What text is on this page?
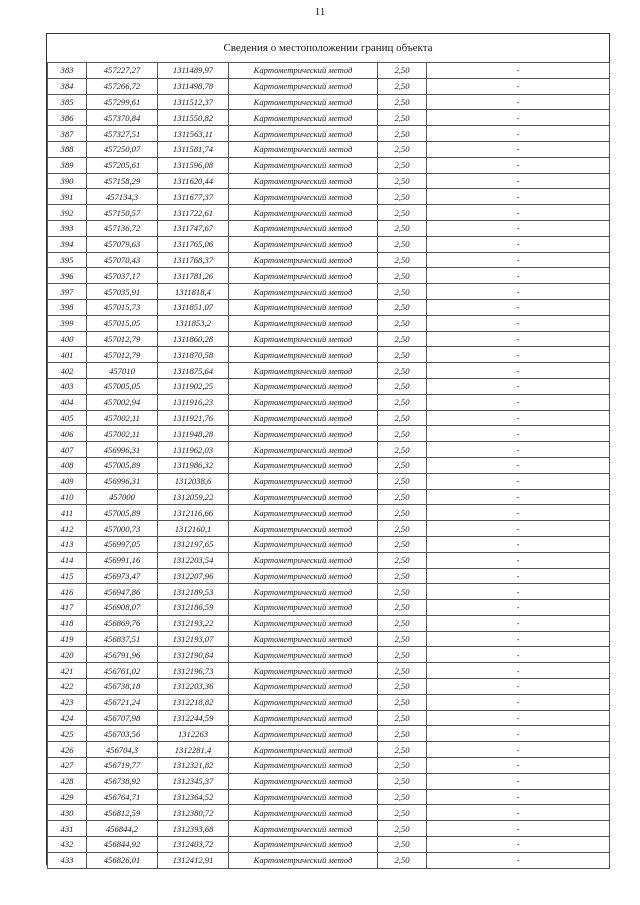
11
Сведения о местоположении границ объекта
383	457227,27	1311489,97	Картометрический метод	2,50	-
384	457266,72	1311498,78	Картометрический метод	2,50	-
385	457299,61	1311512,37	Картометрический метод	2,50	-
386	457370,84	1311550,82	Картометрический метод	2,50	-
387	457327,51	1311563,11	Картометрический метод	2,50	-
388	457250,07	1311581,74	Картометрический метод	2,50	-
389	457205,61	1311596,08	Картометрический метод	2,50	-
390	457158,29	1311620,44	Картометрический метод	2,50	-
391	457134,3	1311677,37	Картометрический метод	2,50	-
392	457150,57	1311722,61	Картометрический метод	2,50	-
393	457136,72	1311747,67	Картометрический метод	2,50	-
394	457079,63	1311765,06	Картометрический метод	2,50	-
395	457070,43	1311768,37	Картометрический метод	2,50	-
396	457037,17	1311781,26	Картометрический метод	2,50	-
397	457035,91	1311818,4	Картометрический метод	2,50	-
398	457015,73	1311851,07	Картометрический метод	2,50	-
399	457015,05	1311853,2	Картометрический метод	2,50	-
400	457012,79	1311860,28	Картометрический метод	2,50	-
401	457012,79	1311870,58	Картометрический метод	2,50	-
402	457010	1311875,64	Картометрический метод	2,50	-
403	457005,05	1311902,25	Картометрический метод	2,50	-
404	457002,94	1311916,23	Картометрический метод	2,50	-
405	457002,11	1311921,76	Картометрический метод	2,50	-
406	457002,11	1311948,28	Картометрический метод	2,50	-
407	456996,31	1311962,03	Картометрический метод	2,50	-
408	457005,89	1311986,32	Картометрический метод	2,50	-
409	456996,31	1312038,6	Картометрический метод	2,50	-
410	457000	1312059,22	Картометрический метод	2,50	-
411	457005,89	1312116,66	Картометрический метод	2,50	-
412	457000,73	1312160,1	Картометрический метод	2,50	-
413	456997,05	1312197,65	Картометрический метод	2,50	-
414	456991,16	1312203,54	Картометрический метод	2,50	-
415	456973,47	1312207,96	Картометрический метод	2,50	-
416	456947,86	1312189,53	Картометрический метод	2,50	-
417	456908,07	1312186,59	Картометрический метод	2,50	-
418	456869,76	1312193,22	Картометрический метод	2,50	-
419	456837,51	1312193,07	Картометрический метод	2,50	-
420	456791,96	1312190,84	Картометрический метод	2,50	-
421	456761,02	1312196,73	Картометрический метод	2,50	-
422	456738,18	1312203,36	Картометрический метод	2,50	-
423	456721,24	1312218,82	Картометрический метод	2,50	-
424	456707,98	1312244,59	Картометрический метод	2,50	-
425	456703,56	1312263	Картометрический метод	2,50	-
426	456704,3	1312281,4	Картометрический метод	2,50	-
427	456719,77	1312321,82	Картометрический метод	2,50	-
428	456738,92	1312345,37	Картометрический метод	2,50	-
429	456764,71	1312364,52	Картометрический метод	2,50	-
430	456812,59	1312380,72	Картометрический метод	2,50	-
431	456844,2	1312393,68	Картометрический метод	2,50	-
432	456844,92	1312403,72	Картометрический метод	2,50	-
433	456826,01	1312412,91	Картометрический метод	2,50	-
